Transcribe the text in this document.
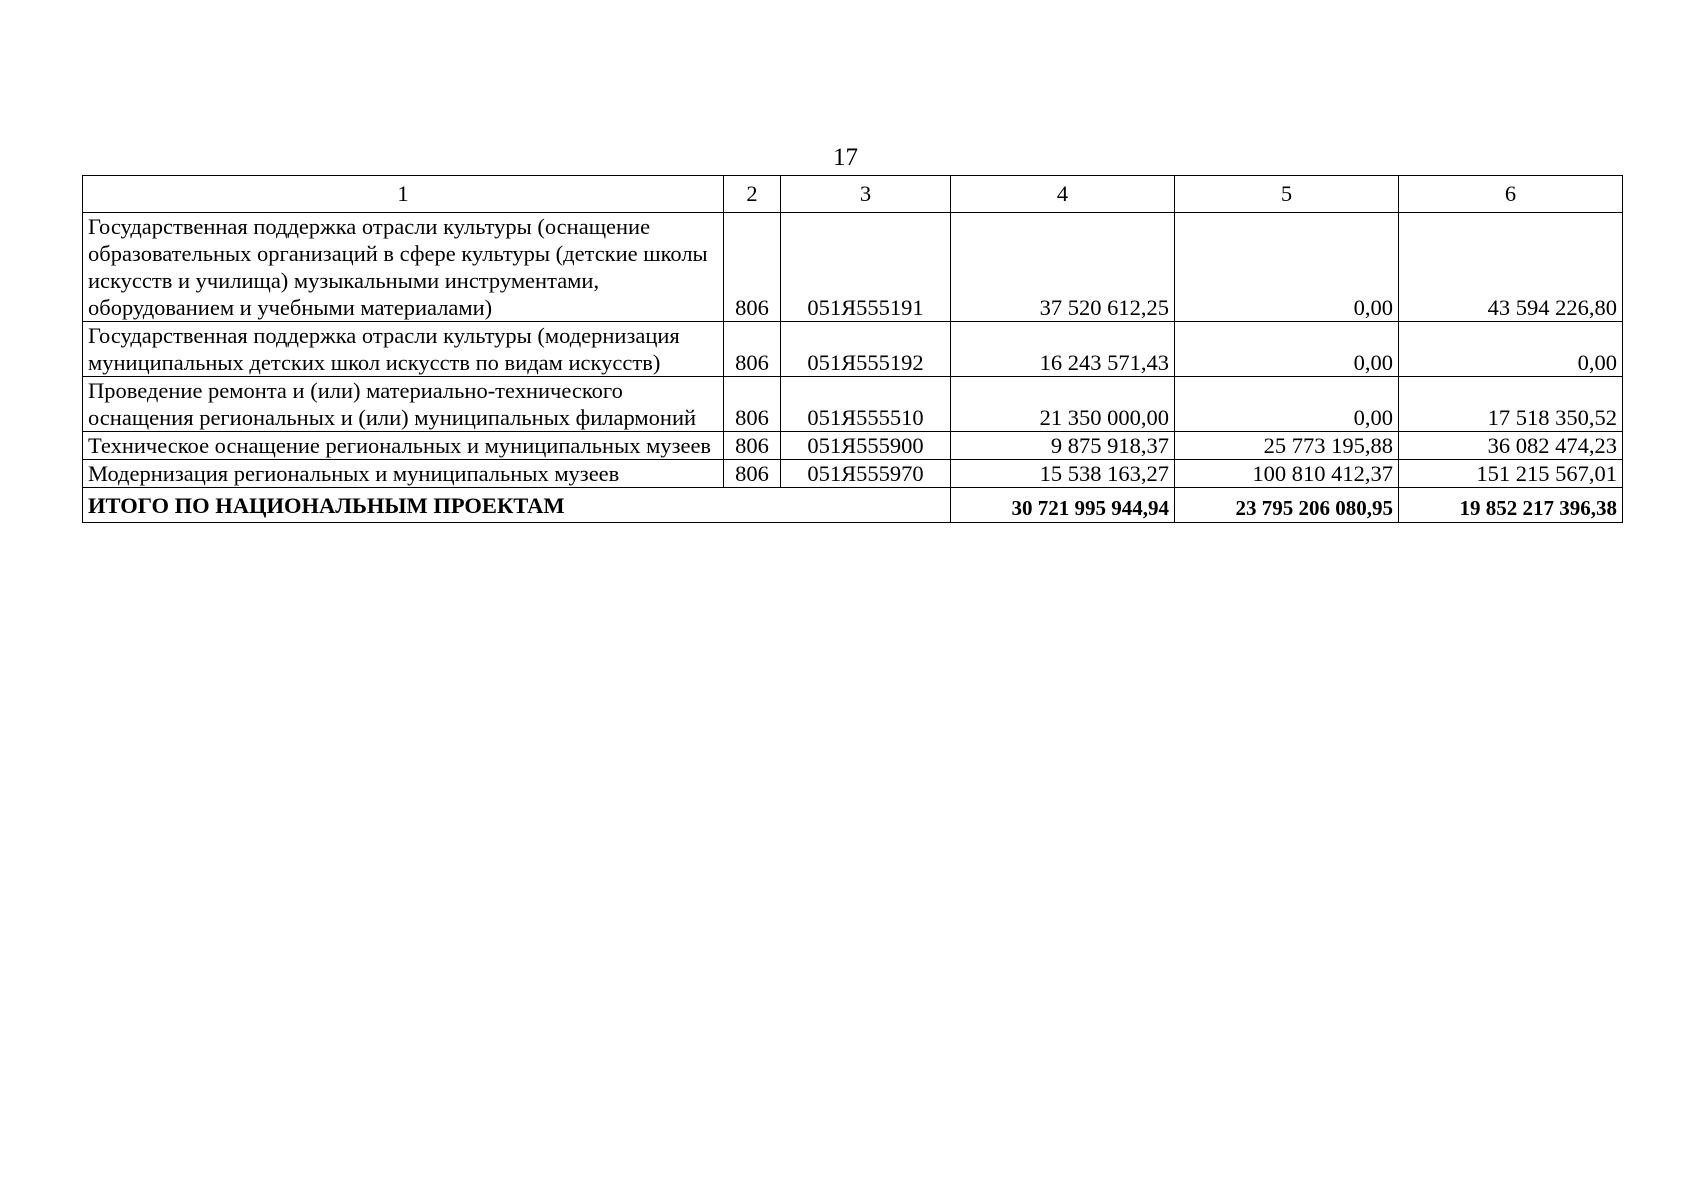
17
1	2	3	4	5	6
Государственная поддержка отрасли культуры (оснащение образовательных организаций в сфере культуры (детские школы искусств и училища) музыкальными инструментами, оборудованием и учебными материалами)	806	051Я555191	37 520 612,25	0,00	43 594 226,80
Государственная поддержка отрасли культуры (модернизация муниципальных детских школ искусств по видам искусств)	806	051Я555192	16 243 571,43	0,00	0,00
Проведение ремонта и (или) материально-технического оснащения региональных и (или) муниципальных филармоний	806	051Я555510	21 350 000,00	0,00	17 518 350,52
Техническое оснащение региональных и муниципальных музеев	806	051Я555900	9 875 918,37	25 773 195,88	36 082 474,23
Модернизация региональных и муниципальных музеев	806	051Я555970	15 538 163,27	100 810 412,37	151 215 567,01
ИТОГО ПО НАЦИОНАЛЬНЫМ ПРОЕКТАМ			30 721 995 944,94	23 795 206 080,95	19 852 217 396,38
